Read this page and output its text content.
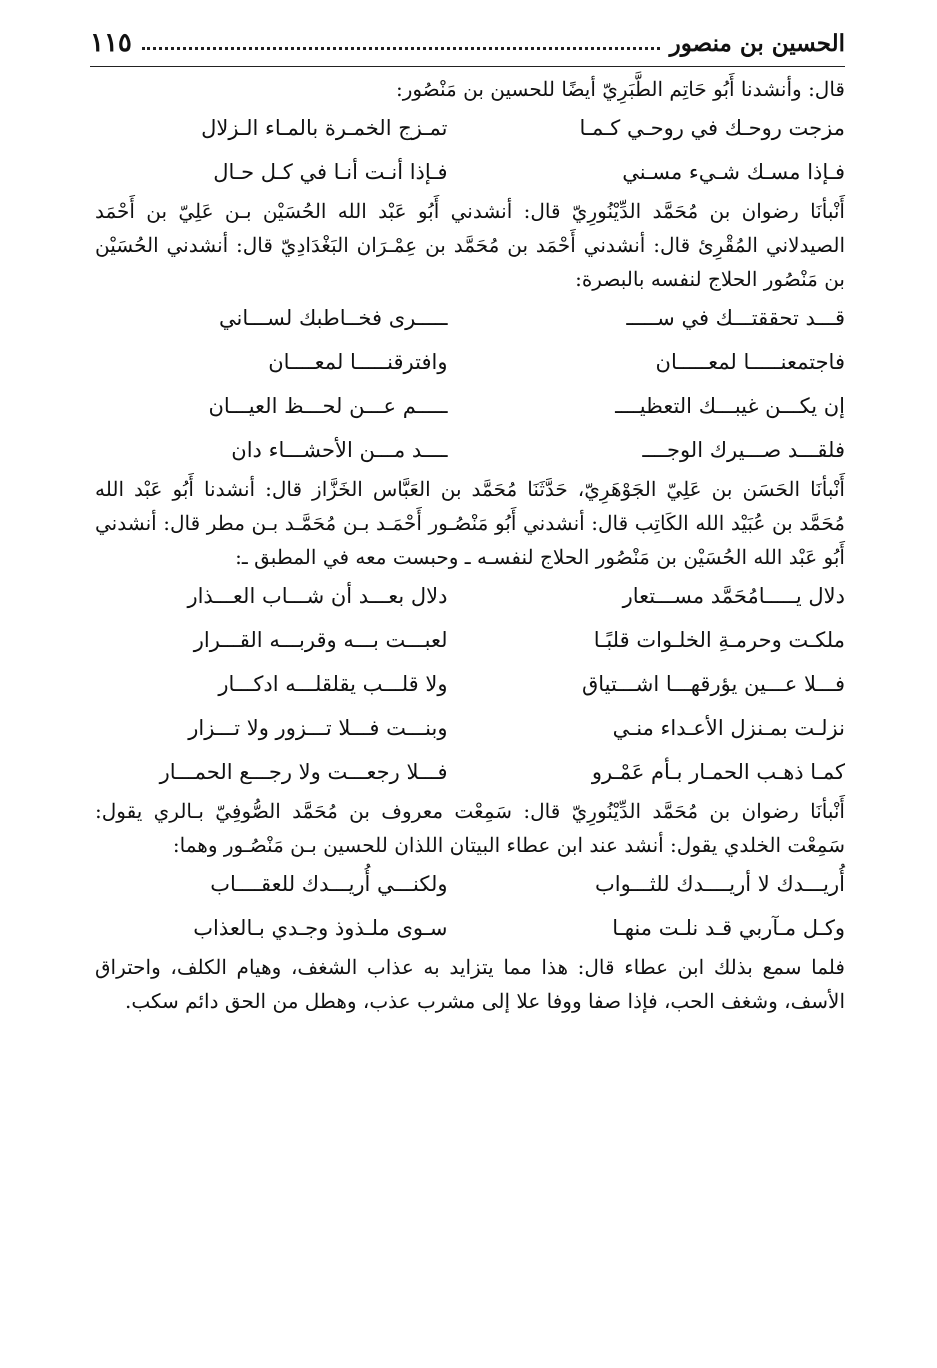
الحسين بن منصور
١١٥

قال: وأنشدنا أَبُو حَاتِم الطَّبَرِيّ أيضًا للحسين بن مَنْصُور:

مزجت روحـك في روحـي كـمـا
تمـزج الخمـرة بالمـاء الـزلال
فـإذا مسـك شـيء مسـني
فـإذا أنـت أنـا في كـل حـال

أَنْبأنَا رضوان بن مُحَمَّد الدِّيْنُورِيّ قال: أنشدني أَبُو عَبْد الله الحُسَيْن بـن عَلِيّ بن أَحْمَد الصيدلاني المُقْرِئ قال: أنشدني أَحْمَد بن مُحَمَّد بن عِمْـرَان البَغْدَادِيّ قال: أنشدني الحُسَيْن بن مَنْصُور الحلاج لنفسه بالبصرة:

قـــد تحققتـــك في ســـــ
ـــــرى فخــاطبك لســـاني
فاجتمعنـــــا لمعـــــان
وافترقنـــــا لمعــــان
إن يكـــن غيبـــك التعظيــــ
ـــــم عـــن لحـــظ العيـــان
فلقـــد صـــيرك الوجــــ
ــــد مـــن الأحشـــاء دان

أَنْبأنَا الحَسَن بن عَلِيّ الجَوْهَرِيّ، حَدَّثَنَا مُحَمَّد بن العَبَّاس الخَزَّاز قال: أنشدنا أَبُو عَبْد الله مُحَمَّد بن عُبَيْد الله الكَاتِب قال: أنشدني أَبُو مَنْصُـور أَحْمَـد بـن مُحَمَّـد بـن مطر قال: أنشدني أَبُو عَبْد الله الحُسَيْن بن مَنْصُور الحلاج لنفسـه ـ وحبست معه في المطبق ـ:

دلال يـــــامُحَمَّد مســـتعار
دلال بعـــد أن شـــاب العـــذار
ملكـت وحرمـةِ الخلـوات قلبًـا
لعبـــت بـــه وقربـــه القـــرار
فـــلا عـــين يؤرقهـــا اشـــتياق
ولا قلـــب يقلقلـــه ادكـــار
نزلـت بمـنزل الأعـداء منـي
وبنـــت فـــلا تـــزور ولا تـــزار
كمـا ذهـب الحمـار بـأم عَمْـرو
فـــلا رجعـــت ولا رجـــع الحمـــار

أَنْبأنَا رضوان بن مُحَمَّد الدِّيْنُورِيّ قال: سَمِعْت معروف بن مُحَمَّد الصُّوفِيّ بـالري يقول: سَمِعْت الخلدي يقول: أنشد عند ابن عطاء البيتان اللذان للحسين بـن مَنْصُـور وهما:

أُريـــدك لا أريــــدك للثـــواب
ولكنـــي أُريـــدك للعقــــاب
وكـل مـآربي قـد نلـت منهـا
سـوى ملـذوذ وجـدي بـالعذاب

فلما سمع بذلك ابن عطاء قال: هذا مما يتزايد به عذاب الشغف، وهيام الكلف، واحتراق الأسف، وشغف الحب، فإذا صفا ووفا علا إلى مشرب عذب، وهطل من الحق دائم سكب.
